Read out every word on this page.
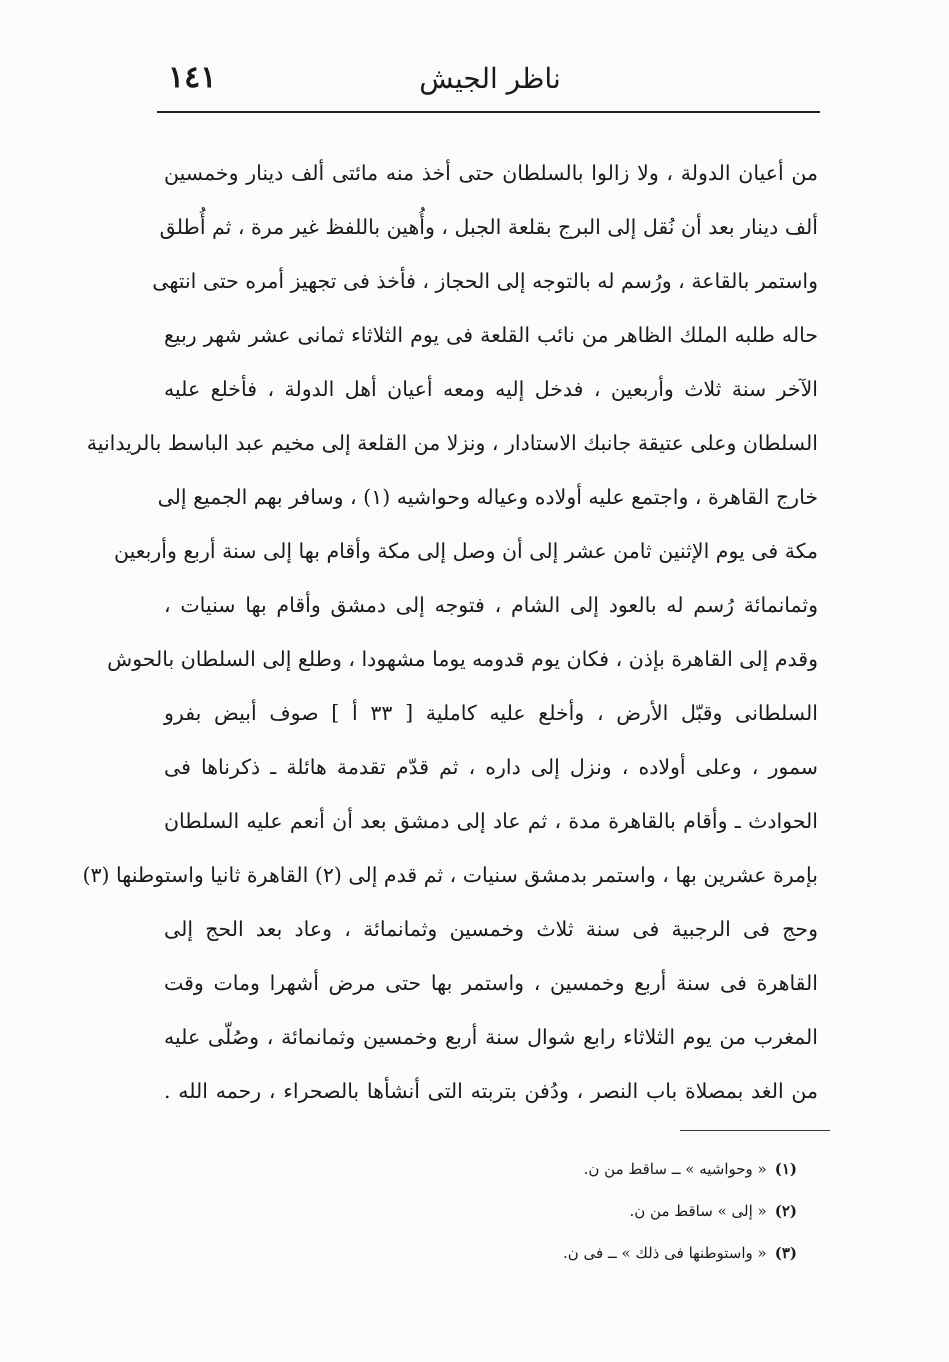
١٤١	ناظر الجيش
من أعيان الدولة ، ولا زالوا بالسلطان حتى أخذ منه مائتى ألف دينار وخمسين
ألف دينار بعد أن نُقل إلى البرج بقلعة الجبل ، وأُهين باللفظ غير مرة ، ثم أُطلق
واستمر بالقاعة ، ورُسم له بالتوجه إلى الحجاز ، فأخذ فى تجهيز أمره حتى انتهى
حاله طلبه الملك الظاهر من نائب القلعة فى يوم الثلاثاء ثمانى عشر شهر ربيع
الآخر سنة ثلاث وأربعين ، فدخل إليه ومعه أعيان أهل الدولة ، فأخلع عليه
السلطان وعلى عتيقة جانبك الاستادار ، ونزلا من القلعة إلى مخيم عبد الباسط بالريدانية
خارج القاهرة ، واجتمع عليه أولاده وعياله وحواشيه (١) ، وسافر بهم الجميع إلى
مكة فى يوم الإثنين ثامن عشر إلى أن وصل إلى مكة وأقام بها إلى سنة أربع وأربعين
وثمانمائة رُسم له بالعود إلى الشام ، فتوجه إلى دمشق وأقام بها سنيات ،
وقدم إلى القاهرة بإذن ، فكان يوم قدومه يوما مشهودا ، وطلع إلى السلطان بالحوش
السلطانى وقبّل الأرض ، وأخلع عليه كاملية [ ٣٣ أ ] صوف أبيض بفرو
سمور ، وعلى أولاده ، ونزل إلى داره ، ثم قدّم تقدمة هائلة ـ ذكرناها فى
الحوادث ـ وأقام بالقاهرة مدة ، ثم عاد إلى دمشق بعد أن أنعم عليه السلطان
بإمرة عشرين بها ، واستمر بدمشق سنيات ، ثم قدم إلى (٢) القاهرة ثانيا واستوطنها (٣)
وحج فى الرجبية فى سنة ثلاث وخمسين وثمانمائة ، وعاد بعد الحج إلى
القاهرة فى سنة أربع وخمسين ، واستمر بها حتى مرض أشهرا ومات وقت
المغرب من يوم الثلاثاء رابع شوال سنة أربع وخمسين وثمانمائة ، وصُلّى عليه
من الغد بمصلاة باب النصر ، ودُفن بتربته التى أنشأها بالصحراء ، رحمه الله .
(١)« وحواشيه » ــ ساقط من ن.
(٢)« إلى » ساقط من ن.
(٣)« واستوطنها فى ذلك » ــ فى ن.
